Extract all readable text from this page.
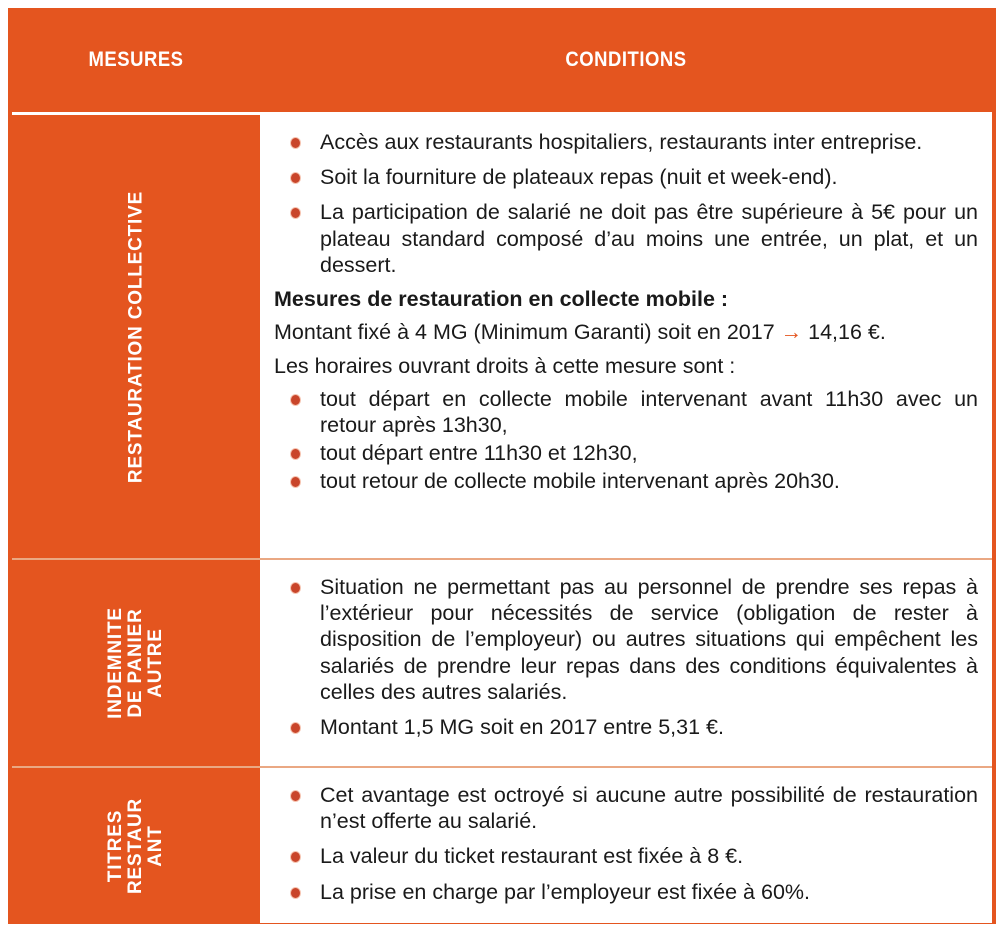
MESURES	CONDITIONS
RESTAURATION COLLECTIVE
Accès aux restaurants hospitaliers, restaurants inter entreprise.
Soit la fourniture de plateaux repas (nuit et week-end).
La participation de salarié ne doit pas être supérieure à 5€ pour un plateau standard composé d’au moins une entrée, un plat, et un dessert.

Mesures de restauration en collecte mobile :

Montant fixé à 4 MG (Minimum Garanti) soit en 2017 → 14,16 €.

Les horaires ouvrant droits à cette mesure sont :

tout départ en collecte mobile intervenant avant 11h30 avec un retour après 13h30,
tout départ entre 11h30 et 12h30,
tout retour de collecte mobile intervenant après 20h30.
INDEMNITE
DE PANIER
AUTRE
Situation ne permettant pas au personnel de prendre ses repas à l’extérieur pour nécessités de service (obligation de rester à disposition de l’employeur) ou autres situations qui empêchent les salariés de prendre leur repas dans des conditions équivalentes à celles des autres salariés.
Montant 1,5 MG soit en 2017 entre 5,31 €.
TITRES
RESTAUR
ANT
Cet avantage est octroyé si aucune autre possibilité de restauration n’est offerte au salarié.
La valeur du ticket restaurant est fixée à 8 €.
La prise en charge par l’employeur est fixée à 60%.
